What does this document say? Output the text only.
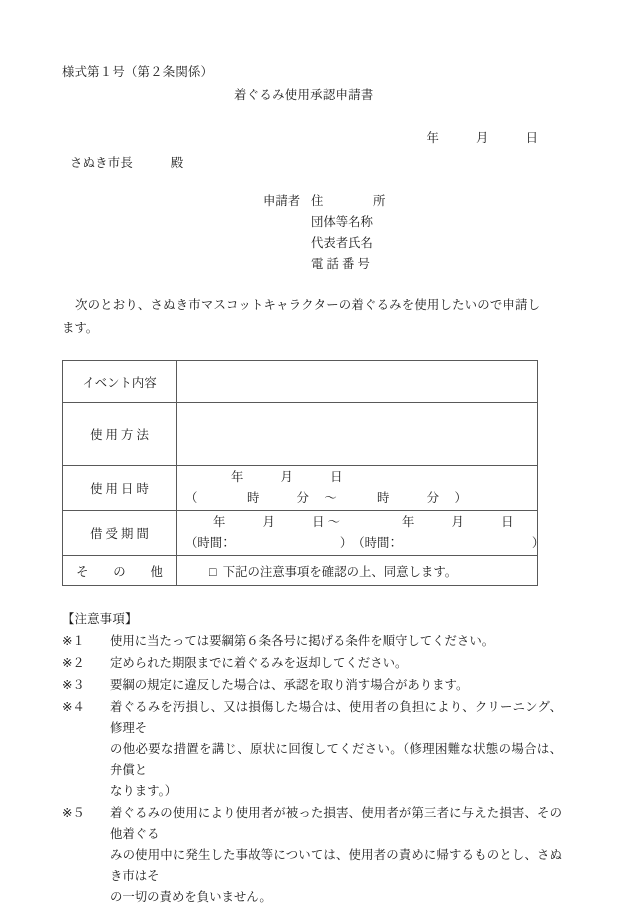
様式第１号（第２条関係）
着ぐるみ使用承認申請書
年　　　月　　　日
さぬき市長　　　殿
申請者 住　　　　所
団体等名称
代表者氏名
電 話 番 号
次のとおり、さぬき市マスコットキャラクターの着ぐるみを使用したいので申請します。
イベント内容	
使 用 方 法	
使 用 日 時	年　　　月　　　日
（　　　　時　　　分　 ～　　　 時　　　分　 ）

借 受 期 間	年　　　月　　　日 ～　　　　　年　　　月　　　日
（時間：　　　　　　　　　）　（時間：　　　　　　　　　　　）

そ　　の　　他	□ 下記の注意事項を確認の上、同意します。
【注意事項】
※１	使用に当たっては要綱第６条各号に掲げる条件を順守してください。
※２	定められた期限までに着ぐるみを返却してください。
※３	要綱の規定に違反した場合は、承認を取り消す場合があります。
※４	着ぐるみを汚損し、又は損傷した場合は、使用者の負担により、クリーニング、修理そ
の他必要な措置を講じ、原状に回復してください。（修理困難な状態の場合は、弁償と
なります。）
※５	着ぐるみの使用により使用者が被った損害、使用者が第三者に与えた損害、その他着ぐる
みの使用中に発生した事故等については、使用者の責めに帰するものとし、さぬき市はそ
の一切の責めを負いません。
